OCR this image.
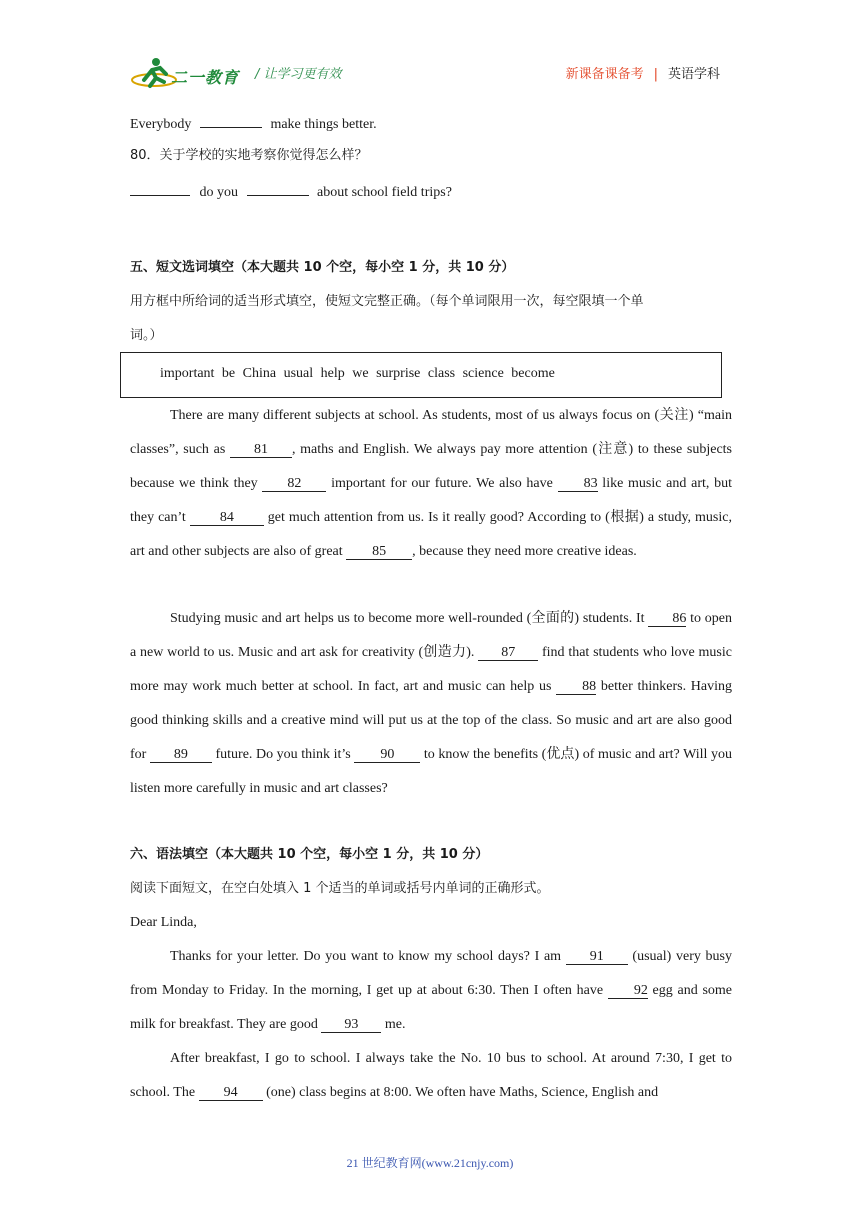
二一教育 / 让学习更有效	新课备课备考 | 英语学科
Everybody	make things better.
80．关于学校的实地考察你觉得怎么样？
do you	about school field trips?
五、短文选词填空（本大题共 10 个空，每小空 1 分，共 10 分）
用方框中所给词的适当形式填空，使短文完整正确。（每个单词限用一次，每空限填一个单
词。）
important be China usual help we surprise class science become
There are many different subjects at school. As students, most of us always focus on (关注) “main classes”, such as 81 , maths and English. We always pay more attention (注意) to these subjects because we think they 82 important for our future. We also have 83 like music and art, but they can’t 84 get much attention from us. Is it really good? According to (根据) a study, music, art and other subjects are also of great 85 , because they need more creative ideas.
Studying music and art helps us to become more well-rounded (全面的) students. It 86 to open a new world to us. Music and art ask for creativity (创造力). 87 find that students who love music more may work much better at school. In fact, art and music can help us 88 better thinkers. Having good thinking skills and a creative mind will put us at the top of the class. So music and art are also good for 89 future. Do you think it’s 90 to know the benefits (优点) of music and art? Will you listen more carefully in music and art classes?
六、语法填空（本大题共 10 个空，每小空 1 分，共 10 分）
阅读下面短文，在空白处填入 1 个适当的单词或括号内单词的正确形式。
Dear Linda,
Thanks for your letter. Do you want to know my school days? I am 91 (usual) very busy from Monday to Friday. In the morning, I get up at about 6:30. Then I often have 92 egg and some milk for breakfast. They are good 93 me.
After breakfast, I go to school. I always take the No. 10 bus to school. At around 7:30, I get to school. The 94 (one) class begins at 8:00. We often have Maths, Science, English and
21 世纪教育网(www.21cnjy.com)
